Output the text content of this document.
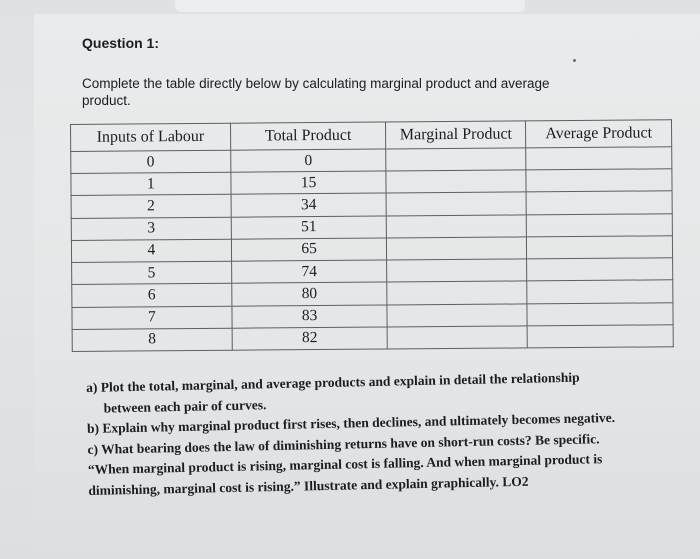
Question 1:
Complete the table directly below by calculating marginal product and average product.
Inputs of Labour	Total Product	Marginal Product	Average Product
0	0		
1	15		
2	34		
3	51		
4	65		
5	74		
6	80		
7	83		
8	82		

a) Plot the total, marginal, and average products and explain in detail the relationship

between each pair of curves.

b) Explain why marginal product first rises, then declines, and ultimately becomes negative.

c) What bearing does the law of diminishing returns have on short-run costs? Be specific.

“When marginal product is rising, marginal cost is falling. And when marginal product is

diminishing, marginal cost is rising.” Illustrate and explain graphically. LO2
